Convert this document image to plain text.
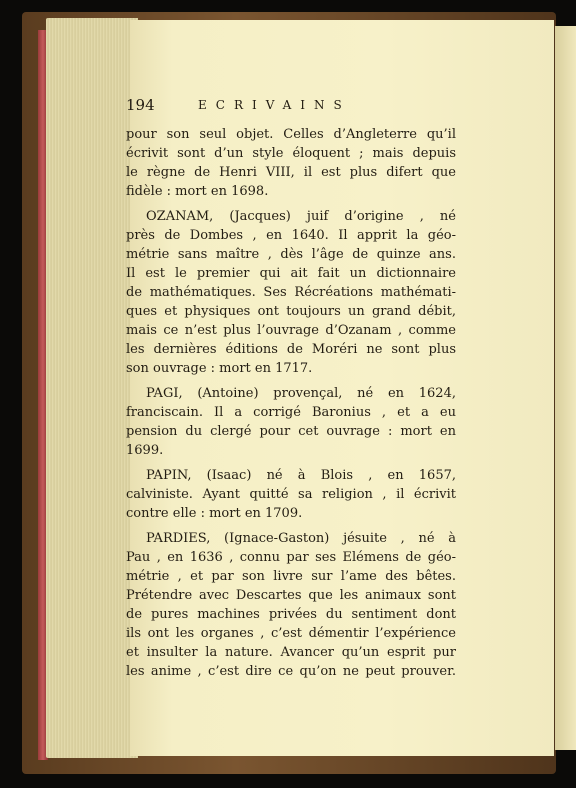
194	ECRIVAINS
pour son seul objet. Celles d’Angleterre qu’il
écrivit sont d’un style éloquent ; mais depuis
le règne de Henri VIII, il est plus difert que
fidèle : mort en 1698.
OZANAM, (Jacques) juif d’origine , né
près de Dombes , en 1640. Il apprit la géo-
métrie sans maître , dès l’âge de quinze ans.
Il est le premier qui ait fait un dictionnaire
de mathématiques. Ses Récréations mathémati-
ques et physiques ont toujours un grand débit,
mais ce n’est plus l’ouvrage d’Ozanam , comme
les dernières éditions de Moréri ne sont plus
son ouvrage : mort en 1717.
PAGI, (Antoine) provençal, né en 1624,
franciscain. Il a corrigé Baronius , et a eu
pension du clergé pour cet ouvrage : mort en
1699.
PAPIN, (Isaac) né à Blois , en 1657,
calviniste. Ayant quitté sa religion , il écrivit
contre elle : mort en 1709.
PARDIES, (Ignace-Gaston) jésuite , né à
Pau , en 1636 , connu par ses Elémens de géo-
métrie , et par son livre sur l’ame des bêtes.
Prétendre avec Descartes que les animaux sont
de pures machines privées du sentiment dont
ils ont les organes , c’est démentir l’expérience
et insulter la nature. Avancer qu’un esprit pur
les anime , c’est dire ce qu’on ne peut prouver.
